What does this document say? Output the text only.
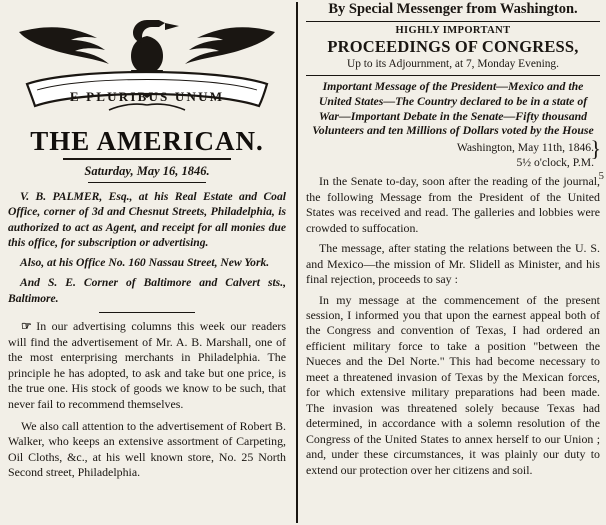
E PLURIBUS UNUM
THE AMERICAN.
Saturday, May 16, 1846.

V. B. PALMER, Esq., at his Real Estate and Coal Office, corner of 3d and Chesnut Streets, Philadelphia, is authorized to act as Agent, and receipt for all monies due this office, for subscription or advertising.

Also, at his Office No. 160 Nassau Street, New York.

And S. E. Corner of Baltimore and Calvert sts., Baltimore.

☞ In our advertising columns this week our readers will find the advertisement of Mr. A. B. Marshall, one of the most enterprising merchants in Philadelphia. The principle he has adopted, to ask and take but one price, is the true one. His stock of goods we know to be such, that never fail to recommend themselves.

We also call attention to the advertisement of Robert B. Walker, who keeps an extensive assortment of Carpeting, Oil Cloths, &c., at his well known store, No. 25 North Second street, Philadelphia.

By Special Messenger from Washington.
HIGHLY IMPORTANT
PROCEEDINGS OF CONGRESS,
Up to its Adjournment, at 7, Monday Evening.
Important Message of the President—Mexico and the United States—The Country declared to be in a state of War—Important Debate in the Senate—Fifty thousand Volunteers and ten Millions of Dollars voted by the House
}
Washington, May 11th, 1846.
5½ o'clock, P.M.

In the Senate to-day, soon after the reading of the journal, the following Message from the President of the United States was received and read. The galleries and lobbies were crowded to suffocation.

The message, after stating the relations between the U. S. and Mexico—the mission of Mr. Slidell as Minister, and his final rejection, proceeds to say :

In my message at the commencement of the present session, I informed you that upon the earnest appeal both of the Congress and convention of Texas, I had ordered an efficient military force to take a position "between the Nueces and the Del Norte." This had become necessary to meet a threatened invasion of Texas by the Mexican forces, for which extensive military preparations had been made. The invasion was threatened solely because Texas had determined, in accordance with a solemn resolution of the Congress of the United States to annex herself to our Union ; and, under these circumstances, it was plainly our duty to extend our protection over her citizens and soil.

5
